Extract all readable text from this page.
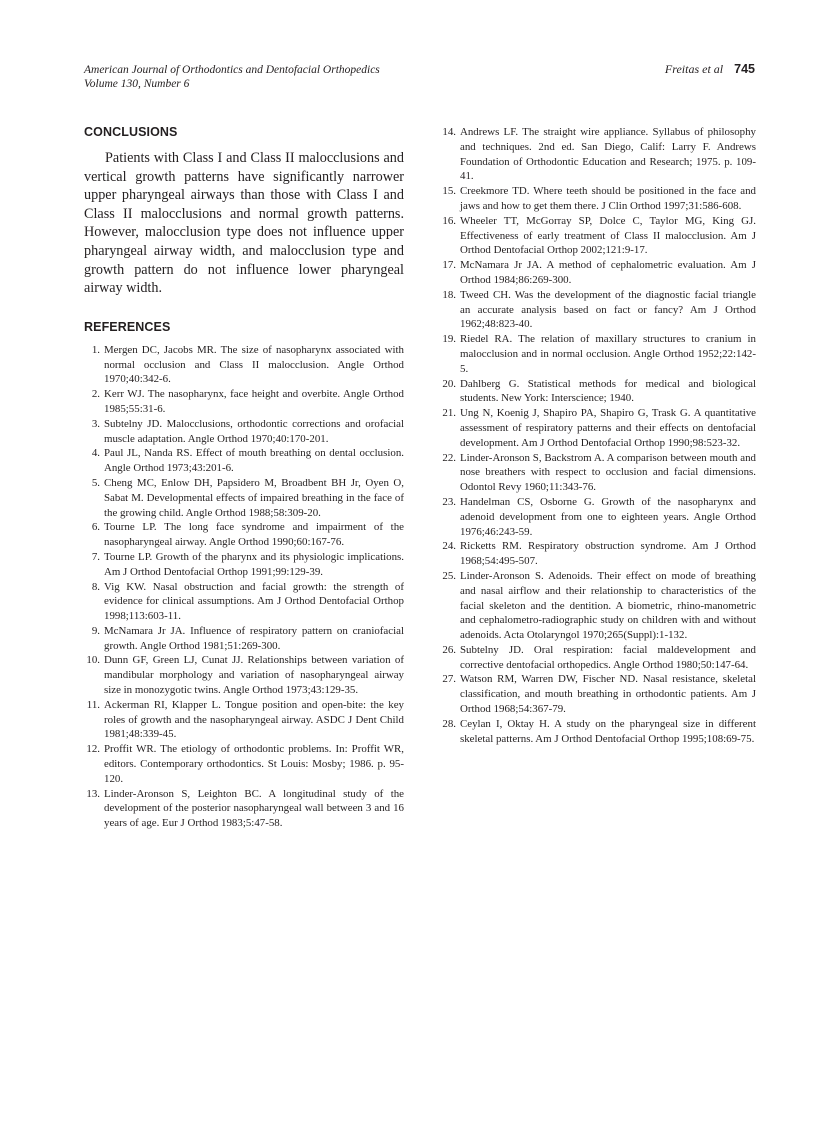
American Journal of Orthodontics and Dentofacial Orthopedics
Volume 130, Number 6
Freitas et al 745
CONCLUSIONS

Patients with Class I and Class II malocclusions and vertical growth patterns have significantly narrower upper pharyngeal airways than those with Class I and Class II malocclusions and normal growth patterns. However, malocclusion type does not influence upper pharyngeal airway width, and malocclusion type and growth pattern do not influence lower pharyngeal airway width.

REFERENCES
1. Mergen DC, Jacobs MR. The size of nasopharynx associated with normal occlusion and Class II malocclusion. Angle Orthod 1970;40:342-6.
2. Kerr WJ. The nasopharynx, face height and overbite. Angle Orthod 1985;55:31-6.
3. Subtelny JD. Malocclusions, orthodontic corrections and orofacial muscle adaptation. Angle Orthod 1970;40:170-201.
4. Paul JL, Nanda RS. Effect of mouth breathing on dental occlusion. Angle Orthod 1973;43:201-6.
5. Cheng MC, Enlow DH, Papsidero M, Broadbent BH Jr, Oyen O, Sabat M. Developmental effects of impaired breathing in the face of the growing child. Angle Orthod 1988;58:309-20.
6. Tourne LP. The long face syndrome and impairment of the nasopharyngeal airway. Angle Orthod 1990;60:167-76.
7. Tourne LP. Growth of the pharynx and its physiologic implications. Am J Orthod Dentofacial Orthop 1991;99:129-39.
8. Vig KW. Nasal obstruction and facial growth: the strength of evidence for clinical assumptions. Am J Orthod Dentofacial Orthop 1998;113:603-11.
9. McNamara Jr JA. Influence of respiratory pattern on craniofacial growth. Angle Orthod 1981;51:269-300.
10. Dunn GF, Green LJ, Cunat JJ. Relationships between variation of mandibular morphology and variation of nasopharyngeal airway size in monozygotic twins. Angle Orthod 1973;43:129-35.
11. Ackerman RI, Klapper L. Tongue position and open-bite: the key roles of growth and the nasopharyngeal airway. ASDC J Dent Child 1981;48:339-45.
12. Proffit WR. The etiology of orthodontic problems. In: Proffit WR, editors. Contemporary orthodontics. St Louis: Mosby; 1986. p. 95-120.
13. Linder-Aronson S, Leighton BC. A longitudinal study of the development of the posterior nasopharyngeal wall between 3 and 16 years of age. Eur J Orthod 1983;5:47-58.
14. Andrews LF. The straight wire appliance. Syllabus of philosophy and techniques. 2nd ed. San Diego, Calif: Larry F. Andrews Foundation of Orthodontic Education and Research; 1975. p. 109-41.
15. Creekmore TD. Where teeth should be positioned in the face and jaws and how to get them there. J Clin Orthod 1997;31:586-608.
16. Wheeler TT, McGorray SP, Dolce C, Taylor MG, King GJ. Effectiveness of early treatment of Class II malocclusion. Am J Orthod Dentofacial Orthop 2002;121:9-17.
17. McNamara Jr JA. A method of cephalometric evaluation. Am J Orthod 1984;86:269-300.
18. Tweed CH. Was the development of the diagnostic facial triangle an accurate analysis based on fact or fancy? Am J Orthod 1962;48:823-40.
19. Riedel RA. The relation of maxillary structures to cranium in malocclusion and in normal occlusion. Angle Orthod 1952;22:142-5.
20. Dahlberg G. Statistical methods for medical and biological students. New York: Interscience; 1940.
21. Ung N, Koenig J, Shapiro PA, Shapiro G, Trask G. A quantitative assessment of respiratory patterns and their effects on dentofacial development. Am J Orthod Dentofacial Orthop 1990;98:523-32.
22. Linder-Aronson S, Backstrom A. A comparison between mouth and nose breathers with respect to occlusion and facial dimensions. Odontol Revy 1960;11:343-76.
23. Handelman CS, Osborne G. Growth of the nasopharynx and adenoid development from one to eighteen years. Angle Orthod 1976;46:243-59.
24. Ricketts RM. Respiratory obstruction syndrome. Am J Orthod 1968;54:495-507.
25. Linder-Aronson S. Adenoids. Their effect on mode of breathing and nasal airflow and their relationship to characteristics of the facial skeleton and the dentition. A biometric, rhino-manometric and cephalometro-radiographic study on children with and without adenoids. Acta Otolaryngol 1970;265(Suppl):1-132.
26. Subtelny JD. Oral respiration: facial maldevelopment and corrective dentofacial orthopedics. Angle Orthod 1980;50:147-64.
27. Watson RM, Warren DW, Fischer ND. Nasal resistance, skeletal classification, and mouth breathing in orthodontic patients. Am J Orthod 1968;54:367-79.
28. Ceylan I, Oktay H. A study on the pharyngeal size in different skeletal patterns. Am J Orthod Dentofacial Orthop 1995;108:69-75.
